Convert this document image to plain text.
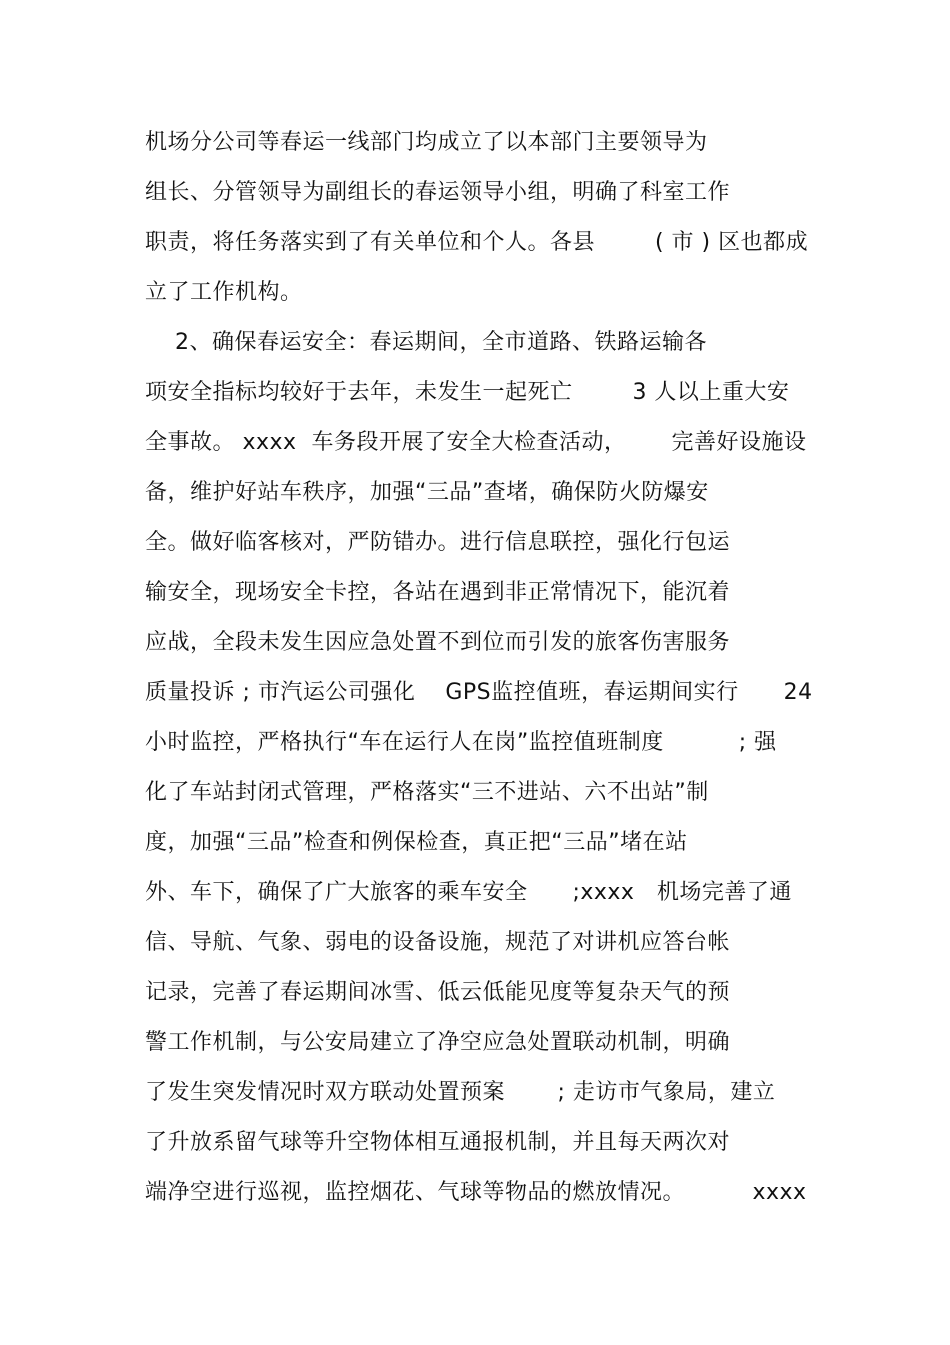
机场分公司等春运一线部门均成立了以本部门主要领导为
组长、分管领导为副组长的春运领导小组，明确了科室工作
职责，将任务落实到了有关单位和个人。各县        ( 市 ) 区也都成
立了工作机构。
2、确保春运安全：春运期间，全市道路、铁路运输各
项安全指标均较好于去年，未发生一起死亡        3 人以上重大安
全事故。 xxxx  车务段开展了安全大检查活动，      完善好设施设
备，维护好站车秩序，加强“三品”查堵，确保防火防爆安
全。做好临客核对，严防错办。进行信息联控，强化行包运
输安全，现场安全卡控，各站在遇到非正常情况下，能沉着
应战，全段未发生因应急处置不到位而引发的旅客伤害服务
质量投诉 ; 市汽运公司强化    GPS监控值班，春运期间实行      24
小时监控，严格执行“车在运行人在岗”监控值班制度          ; 强
化了车站封闭式管理，严格落实“三不进站、六不出站”制
度，加强“三品”检查和例保检查，真正把“三品”堵在站
外、车下，确保了广大旅客的乘车安全      ;xxxx   机场完善了通
信、导航、气象、弱电的设备设施，规范了对讲机应答台帐
记录，完善了春运期间冰雪、低云低能见度等复杂天气的预
警工作机制，与公安局建立了净空应急处置联动机制，明确
了发生突发情况时双方联动处置预案       ; 走访市气象局，建立
了升放系留气球等升空物体相互通报机制，并且每天两次对
端净空进行巡视，监控烟花、气球等物品的燃放情况。         xxxx
